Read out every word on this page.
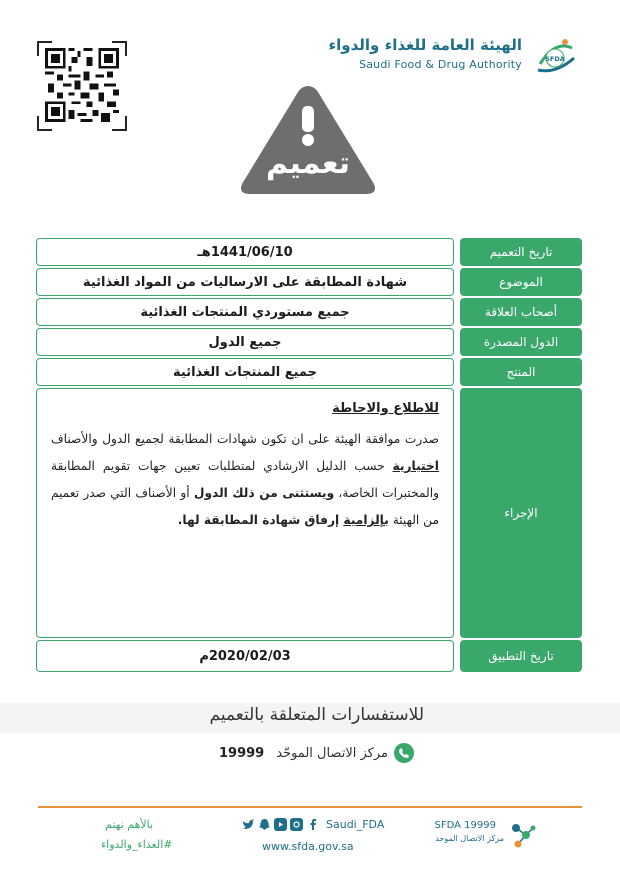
الهيئة العامة للغذاء والدواء
Saudi Food & Drug Authority	SFDA
تعميم
1441/06/10هـ	تاريخ التعميم
شهادة المطابقة على الارساليات من المواد الغذائية	الموضوع
جميع مستوردي المنتجات الغذائية	أصحاب العلاقة
جميع الدول	الدول المصدرة
جميع المنتجات الغذائية	المنتج
للاطلاع والاحاطة
صدرت موافقة الهيئة على ان تكون شهادات المطابقة لجميع الدول والأصناف اختيارية حسب الدليل الارشادي لمتطلبات تعيين جهات تقويم المطابقة والمختبرات الخاصة، ويستثنى من ذلك الدول أو الأصناف التي صدر تعميم من الهيئة بإلزامية إرفاق شهادة المطابقة لها.	الإجراء
2020/02/03م	تاريخ التطبيق
للاستفسارات المتعلقة بالتعميم
مركز الاتصال الموحّد
19999
بالأهم نهتم
#الغذاء_والدواء
Saudi_FDA
www.sfda.gov.sa
SFDA 19999
مركز الاتصال الموحد
